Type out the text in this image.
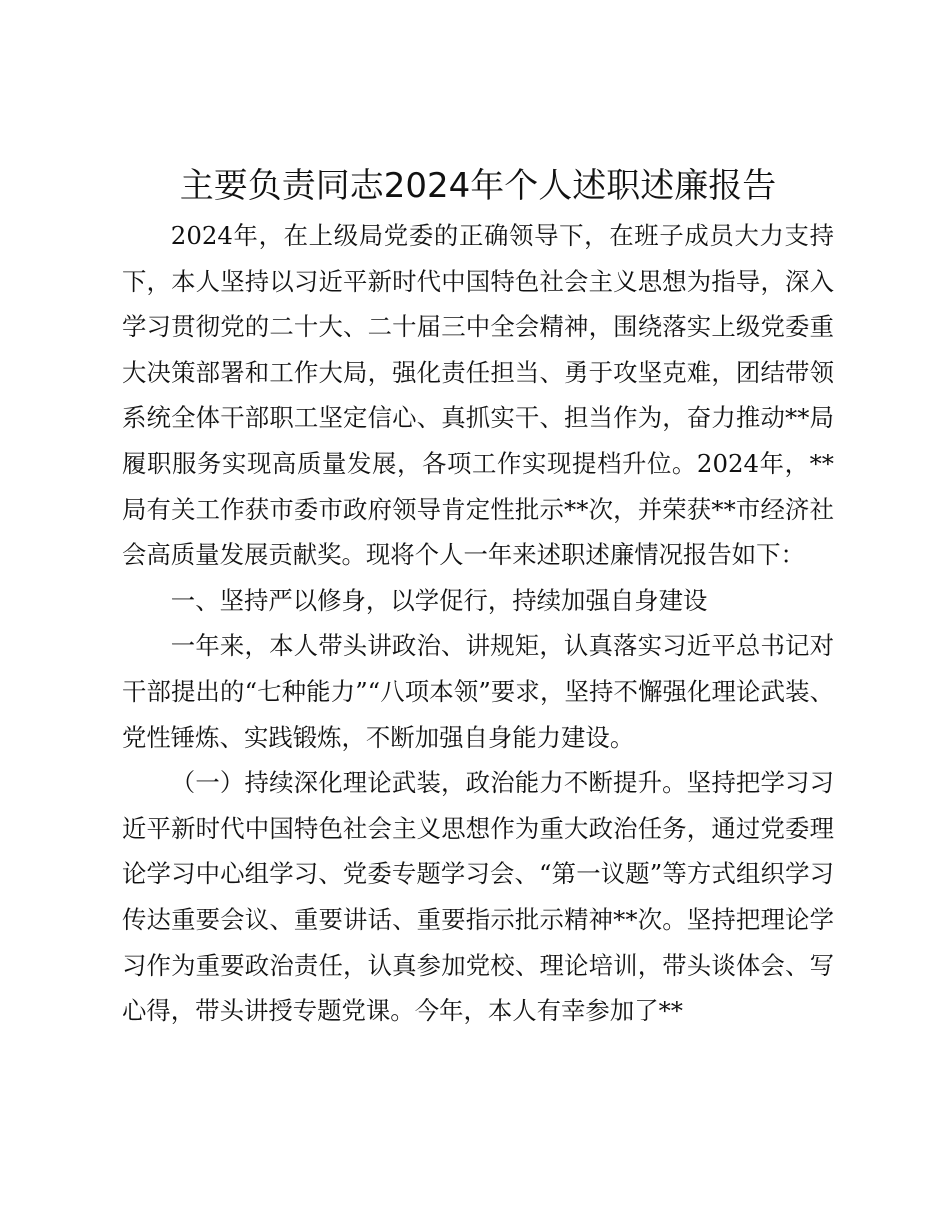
主要负责同志2024年个人述职述廉报告

2024年，在上级局党委的正确领导下，在班子成员大力支持下，本人坚持以习近平新时代中国特色社会主义思想为指导，深入学习贯彻党的二十大、二十届三中全会精神，围绕落实上级党委重大决策部署和工作大局，强化责任担当、勇于攻坚克难，团结带领系统全体干部职工坚定信心、真抓实干、担当作为，奋力推动**局履职服务实现高质量发展，各项工作实现提档升位。2024年，**局有关工作获市委市政府领导肯定性批示**次，并荣获**市经济社会高质量发展贡献奖。现将个人一年来述职述廉情况报告如下：

一、坚持严以修身，以学促行，持续加强自身建设

一年来，本人带头讲政治、讲规矩，认真落实习近平总书记对干部提出的“七种能力”“八项本领”要求，坚持不懈强化理论武装、党性锤炼、实践锻炼，不断加强自身能力建设。

（一）持续深化理论武装，政治能力不断提升。坚持把学习习近平新时代中国特色社会主义思想作为重大政治任务，通过党委理论学习中心组学习、党委专题学习会、“第一议题”等方式组织学习传达重要会议、重要讲话、重要指示批示精神**次。坚持把理论学习作为重要政治责任，认真参加党校、理论培训，带头谈体会、写心得，带头讲授专题党课。今年，本人有幸参加了**
